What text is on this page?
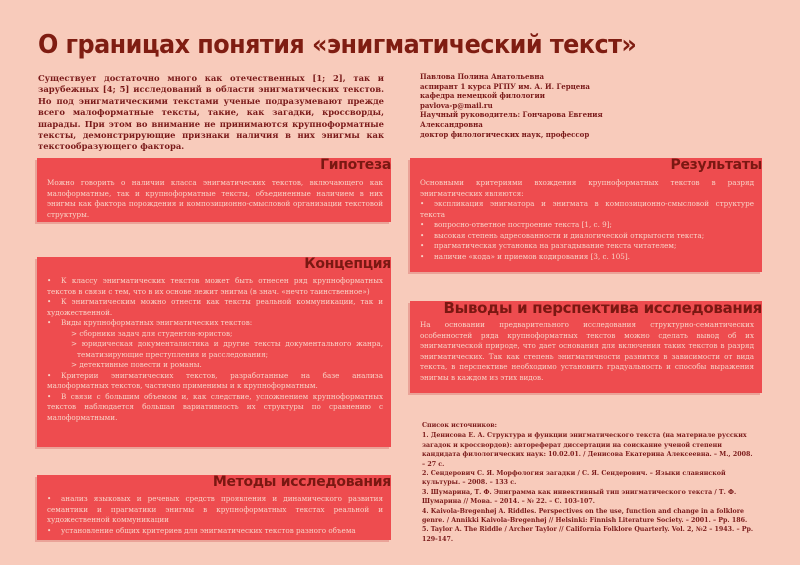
О границах понятия «энигматический текст»

Существует достаточно много как отечественных [1; 2], так и зарубежных [4; 5] исследований в области энигматических текстов. Но под энигматическими текстами ученые подразумевают прежде всего малоформатные тексты, такие, как загадки, кроссворды, шарады. При этом во внимание не принимаются крупноформатные тексты, демонстрирующие признаки наличия в них энигмы как текстообразующего фактора.

Павлова Полина Анатольевна
аспирант 1 курса РГПУ им. А. И. Герцена
кафедра немецкой филологии
pavlova-p@mail.ru
Научный руководитель: Гончарова Евгения
Александровна
доктор филологических наук, профессор
Гипотеза

Можно говорить о наличии класса энигматических текстов, включающего как малоформатные, так и крупноформатные тексты, объединенные наличием в них энигмы как фактора порождения и композиционно-смысловой организации текстовой структуры.

Концепция
• К классу энигматических текстов может быть отнесен ряд крупноформатных текстов в связи с тем, что в их основе лежит энигма (в знач. «нечто таинственное»)
• К энигматическим можно отнести как тексты реальной коммуникации, так и художественной.
• Виды крупноформатных энигматических текстов:
> сборники задач для студентов-юристов;
> юридическая документалистика и другие тексты документального жанра, тематизирующие преступления и расследования;
> детективные повести и романы.
• Критерии энигматических текстов, разработанные на базе анализа малоформатных текстов, частично применимы и к крупноформатным.
• В связи с большим объемом и, как следствие, усложнением крупноформатных текстов наблюдается большая вариативность их структуры по сравнению с малоформатными.
Методы исследования
• анализ языковых и речевых средств проявления и динамического развития семантики и прагматики энигмы в крупноформатных текстах реальной и художественной коммуникации
• установление общих критериев для энигматических текстов разного объема
Результаты

Основными критериями вхождения крупноформатных текстов в разряд энигматических являются:

• экспликация энигматора и энигмата в композиционно-смысловой структуре текста
• вопросно-ответное построение текста [1, с. 9];
• высокая степень адресованности и диалогической открытости текста;
• прагматическая установка на разгадывание текста читателем;
• наличие «кода» и приемов кодирования [3, с. 105].
Выводы и перспектива исследования

На основании предварительного исследования структурно-семантических особенностей ряда крупноформатных текстов можно сделать вывод об их энигматической природе, что дает основания для включения таких текстов в разряд энигматических. Так как степень энигматичности разнится в зависимости от вида текста, в перспективе необходимо установить градуальность и способы выражения энигмы в каждом из этих видов.

Список источников:

1. Денисова Е. А. Структура и функции энигматического текста (на материале русских загадок и кроссвордов): автореферат диссертации на соискание ученой степени кандидата филологических наук: 10.02.01. / Денисова Екатерина Алексеевна. – М., 2008. – 27 с.

2. Сендерович С. Я. Морфология загадки / С. Я. Сендерович. – Языки славянской культуры. – 2008. – 133 с.

3. Шумарина, Т. Ф. Эпиграмма как инвективный тип энигматического текста / Т. Ф. Шумарина // Мова. – 2014. – № 22. – С. 103-107.

4. Kaivola-Bregenhøj A. Riddles. Perspectives on the use, function and change in a folklore genre. / Annikki Kaivola-Bregenhøj // Helsinki: Finnish Literature Society. – 2001. – Pp. 186.

5. Taylor A. The Riddle / Archer Taylor // California Folklore Quarterly. Vol. 2, №2 – 1943. – Pp. 129-147.
